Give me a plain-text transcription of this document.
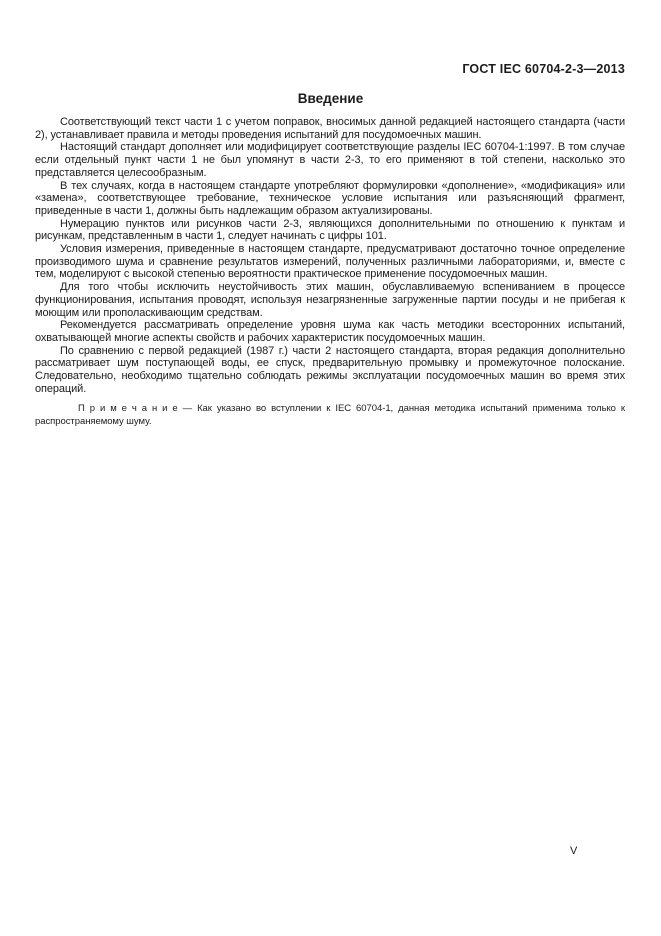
ГОСТ IEC 60704-2-3—2013
Введение

Соответствующий текст части 1 с учетом поправок, вносимых данной редакцией настоящего стандарта (части 2), устанавливает правила и методы проведения испытаний для посудомоечных машин.

Настоящий стандарт дополняет или модифицирует соответствующие разделы IEC 60704-1:1997. В том случае если отдельный пункт части 1 не был упомянут в части 2-3, то его применяют в той степени, насколько это представляется целесообразным.

В тех случаях, когда в настоящем стандарте употребляют формулировки «дополнение», «модификация» или «замена», соответствующее требование, техническое условие испытания или разъясняющий фрагмент, приведенные в части 1, должны быть надлежащим образом актуализированы.

Нумерацию пунктов или рисунков части 2-3, являющихся дополнительными по отношению к пунктам и рисункам, представленным в части 1, следует начинать с цифры 101.

Условия измерения, приведенные в настоящем стандарте, предусматривают достаточно точное определение производимого шума и сравнение результатов измерений, полученных различными лабораториями, и, вместе с тем, моделируют с высокой степенью вероятности практическое применение посудомоечных машин.

Для того чтобы исключить неустойчивость этих машин, обуславливаемую вспениванием в процессе функционирования, испытания проводят, используя незагрязненные загруженные партии посуды и не прибегая к моющим или прополаскивающим средствам.

Рекомендуется рассматривать определение уровня шума как часть методики всесторонних испытаний, охватывающей многие аспекты свойств и рабочих характеристик посудомоечных машин.

По сравнению с первой редакцией (1987 г.) части 2 настоящего стандарта, вторая редакция дополнительно рассматривает шум поступающей воды, ее спуск, предварительную промывку и промежуточное полоскание. Следовательно, необходимо тщательно соблюдать режимы эксплуатации посудомоечных машин во время этих операций.

П р и м е ч а н и е — Как указано во вступлении к IEC 60704-1, данная методика испытаний применима только к распространяемому шуму.

V
